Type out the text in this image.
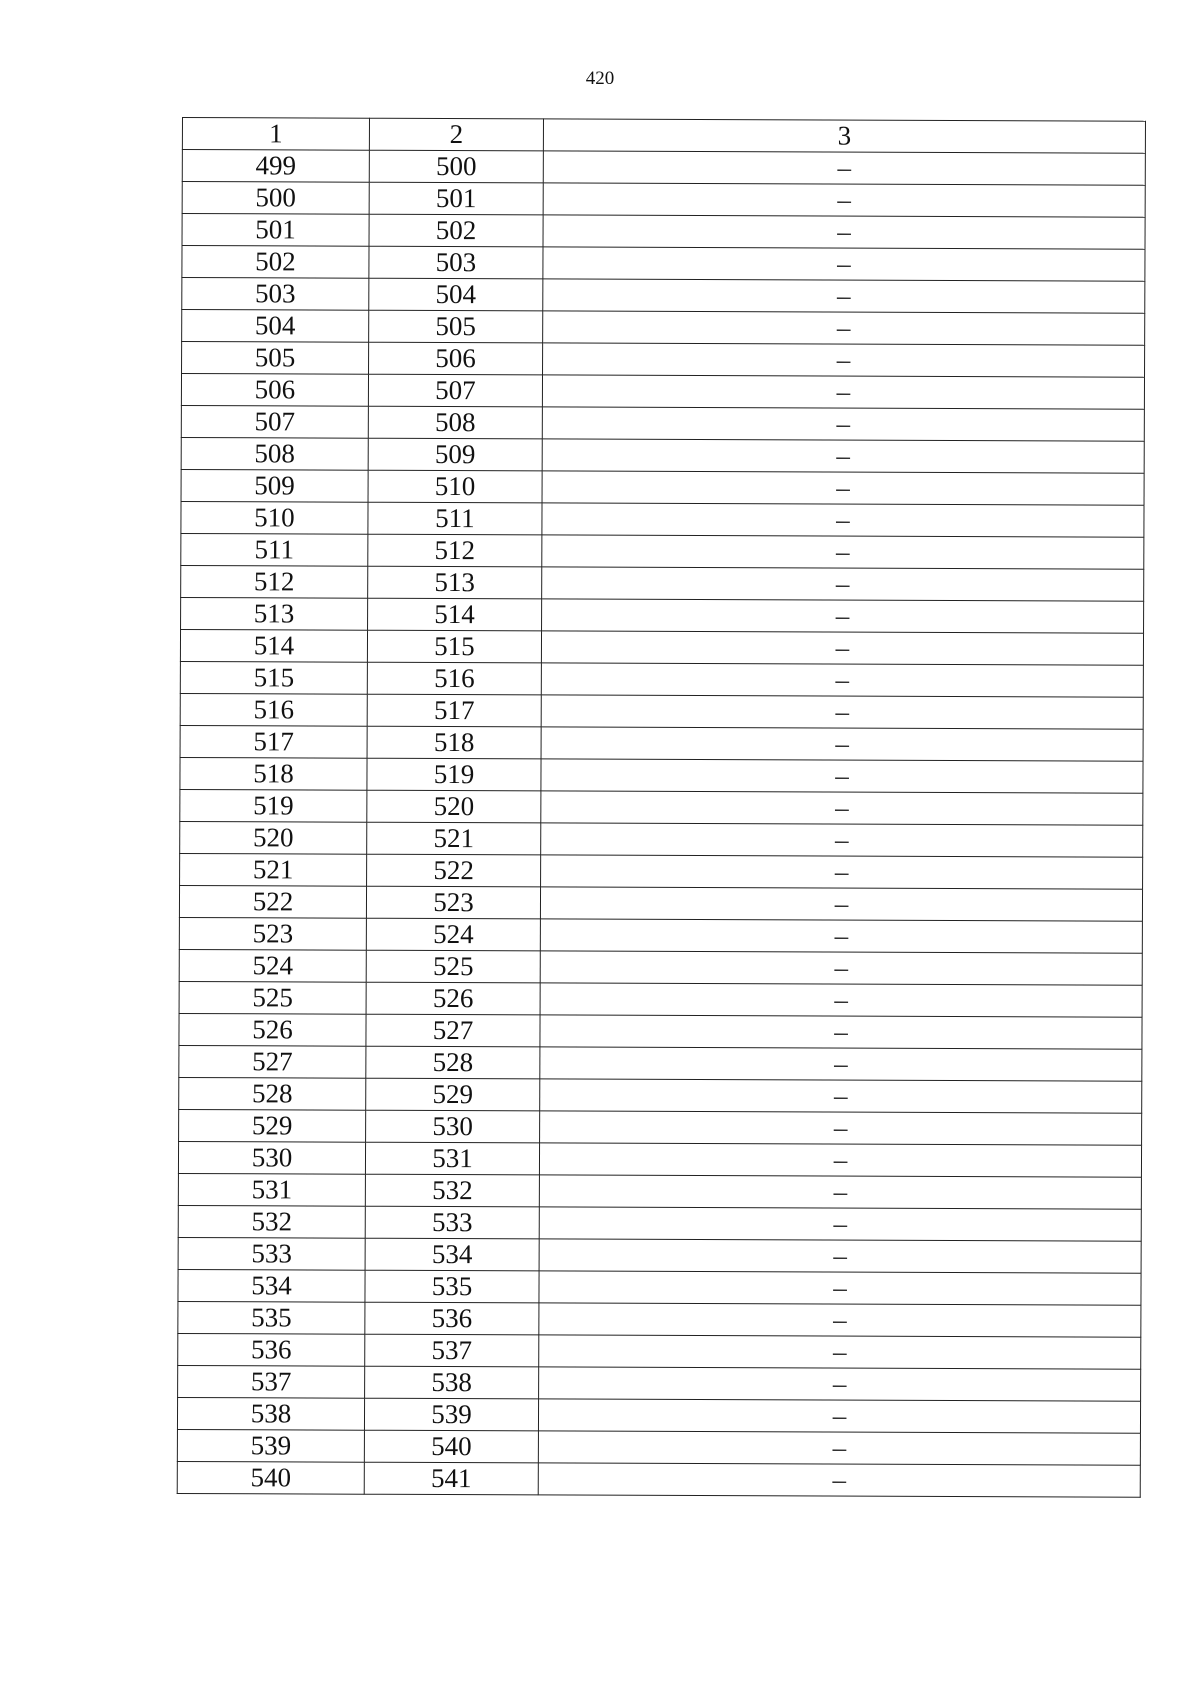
420
1	2	3
499	500	–
500	501	–
501	502	–
502	503	–
503	504	–
504	505	–
505	506	–
506	507	–
507	508	–
508	509	–
509	510	–
510	511	–
511	512	–
512	513	–
513	514	–
514	515	–
515	516	–
516	517	–
517	518	–
518	519	–
519	520	–
520	521	–
521	522	–
522	523	–
523	524	–
524	525	–
525	526	–
526	527	–
527	528	–
528	529	–
529	530	–
530	531	–
531	532	–
532	533	–
533	534	–
534	535	–
535	536	–
536	537	–
537	538	–
538	539	–
539	540	–
540	541	–
